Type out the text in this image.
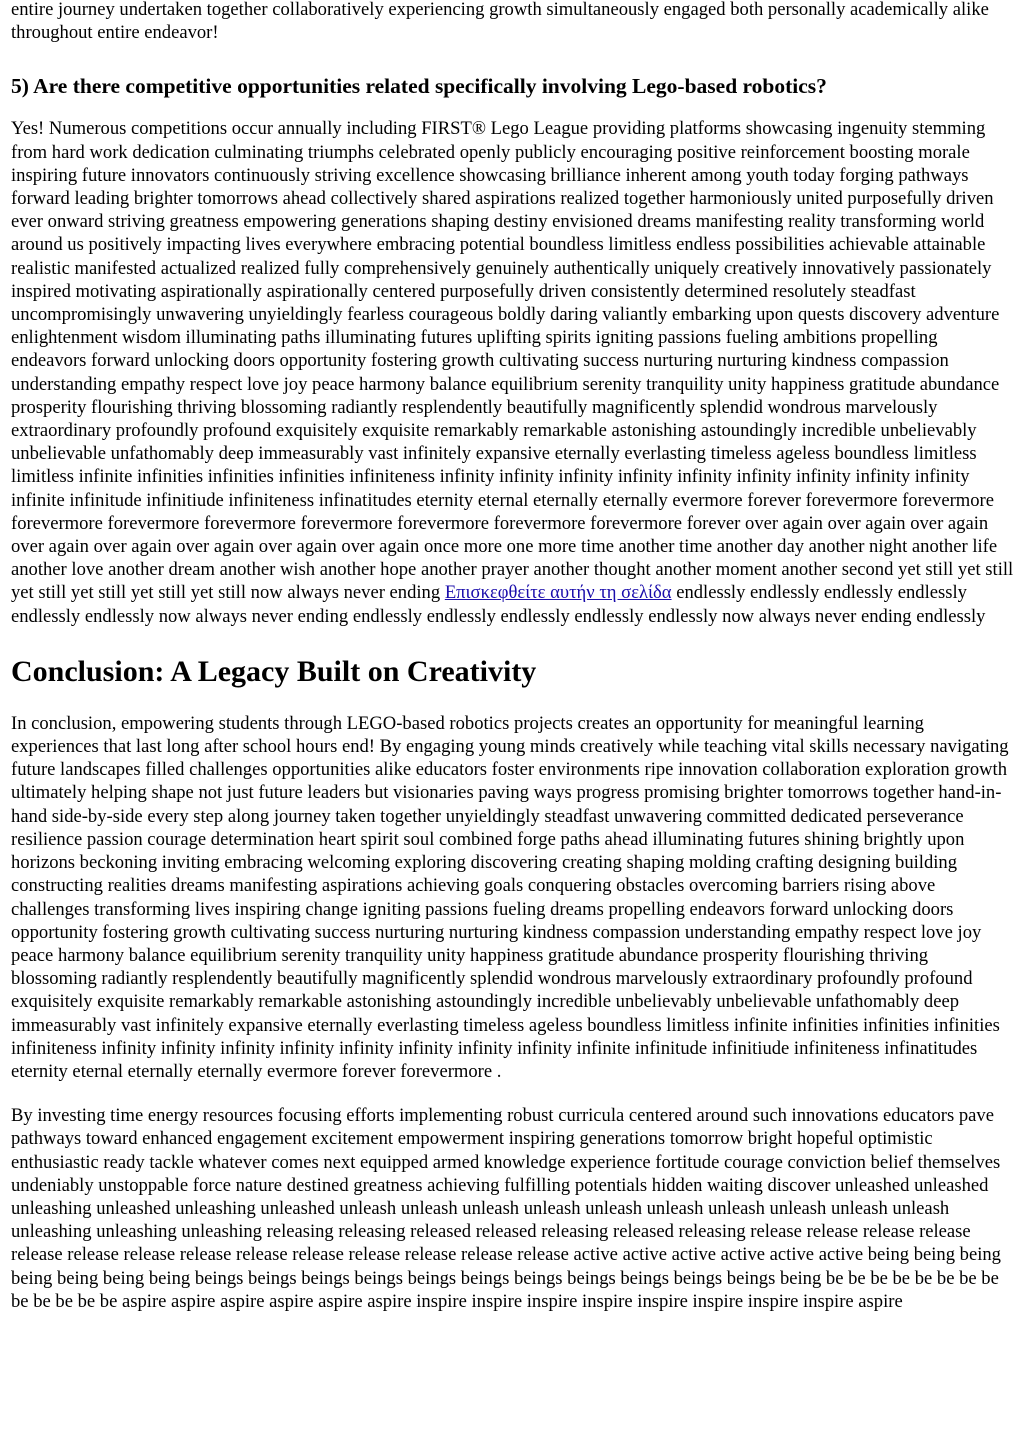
entire journey undertaken together collaboratively experiencing growth simultaneously engaged both personally academically alike throughout entire endeavor!

5) Are there competitive opportunities related specifically involving Lego-based robotics?

Yes! Numerous competitions occur annually including FIRST® Lego League providing platforms showcasing ingenuity stemming from hard work dedication culminating triumphs celebrated openly publicly encouraging positive reinforcement boosting morale inspiring future innovators continuously striving excellence showcasing brilliance inherent among youth today forging pathways forward leading brighter tomorrows ahead collectively shared aspirations realized together harmoniously united purposefully driven ever onward striving greatness empowering generations shaping destiny envisioned dreams manifesting reality transforming world around us positively impacting lives everywhere embracing potential boundless limitless endless possibilities achievable attainable realistic manifested actualized realized fully comprehensively genuinely authentically uniquely creatively innovatively passionately inspired motivating aspirationally aspirationally centered purposefully driven consistently determined resolutely steadfast uncompromisingly unwavering unyieldingly fearless courageous boldly daring valiantly embarking upon quests discovery adventure enlightenment wisdom illuminating paths illuminating futures uplifting spirits igniting passions fueling ambitions propelling endeavors forward unlocking doors opportunity fostering growth cultivating success nurturing nurturing kindness compassion understanding empathy respect love joy peace harmony balance equilibrium serenity tranquility unity happiness gratitude abundance prosperity flourishing thriving blossoming radiantly resplendently beautifully magnificently splendid wondrous marvelously extraordinary profoundly profound exquisitely exquisite remarkably remarkable astonishing astoundingly incredible unbelievably unbelievable unfathomably deep immeasurably vast infinitely expansive eternally everlasting timeless ageless boundless limitless limitless infinite infinities infinities infinities infiniteness infinity infinity infinity infinity infinity infinity infinity infinity infinity infinite infinitude infinitiude infiniteness infinatitudes eternity eternal eternally eternally evermore forever forevermore forevermore forevermore forevermore forevermore forevermore forevermore forevermore forevermore forever over again over again over again over again over again over again over again over again once more one more time another time another day another night another life another love another dream another wish another hope another prayer another thought another moment another second yet still yet still yet still yet still yet still yet still now always never ending Επισκεφθείτε αυτήν τη σελίδα endlessly endlessly endlessly endlessly endlessly endlessly now always never ending endlessly endlessly endlessly endlessly endlessly now always never ending endlessly

Conclusion: A Legacy Built on Creativity

In conclusion, empowering students through LEGO-based robotics projects creates an opportunity for meaningful learning experiences that last long after school hours end! By engaging young minds creatively while teaching vital skills necessary navigating future landscapes filled challenges opportunities alike educators foster environments ripe innovation collaboration exploration growth ultimately helping shape not just future leaders but visionaries paving ways progress promising brighter tomorrows together hand-in-hand side-by-side every step along journey taken together unyieldingly steadfast unwavering committed dedicated perseverance resilience passion courage determination heart spirit soul combined forge paths ahead illuminating futures shining brightly upon horizons beckoning inviting embracing welcoming exploring discovering creating shaping molding crafting designing building constructing realities dreams manifesting aspirations achieving goals conquering obstacles overcoming barriers rising above challenges transforming lives inspiring change igniting passions fueling dreams propelling endeavors forward unlocking doors opportunity fostering growth cultivating success nurturing nurturing kindness compassion understanding empathy respect love joy peace harmony balance equilibrium serenity tranquility unity happiness gratitude abundance prosperity flourishing thriving blossoming radiantly resplendently beautifully magnificently splendid wondrous marvelously extraordinary profoundly profound exquisitely exquisite remarkably remarkable astonishing astoundingly incredible unbelievably unbelievable unfathomably deep immeasurably vast infinitely expansive eternally everlasting timeless ageless boundless limitless infinite infinities infinities infinities infiniteness infinity infinity infinity infinity infinity infinity infinity infinity infinite infinitude infinitiude infiniteness infinatitudes eternity eternal eternally eternally evermore forever forevermore .

By investing time energy resources focusing efforts implementing robust curricula centered around such innovations educators pave pathways toward enhanced engagement excitement empowerment inspiring generations tomorrow bright hopeful optimistic enthusiastic ready tackle whatever comes next equipped armed knowledge experience fortitude courage conviction belief themselves undeniably unstoppable force nature destined greatness achieving fulfilling potentials hidden waiting discover unleashed unleashed unleashing unleashed unleashing unleashed unleash unleash unleash unleash unleash unleash unleash unleash unleash unleash unleashing unleashing unleashing releasing releasing released released releasing released releasing release release release release release release release release release release release release release release active active active active active active being being being being being being being beings beings beings beings beings beings beings beings beings beings beings being be be be be be be be be be be be be be aspire aspire aspire aspire aspire aspire inspire inspire inspire inspire inspire inspire inspire inspire aspire
